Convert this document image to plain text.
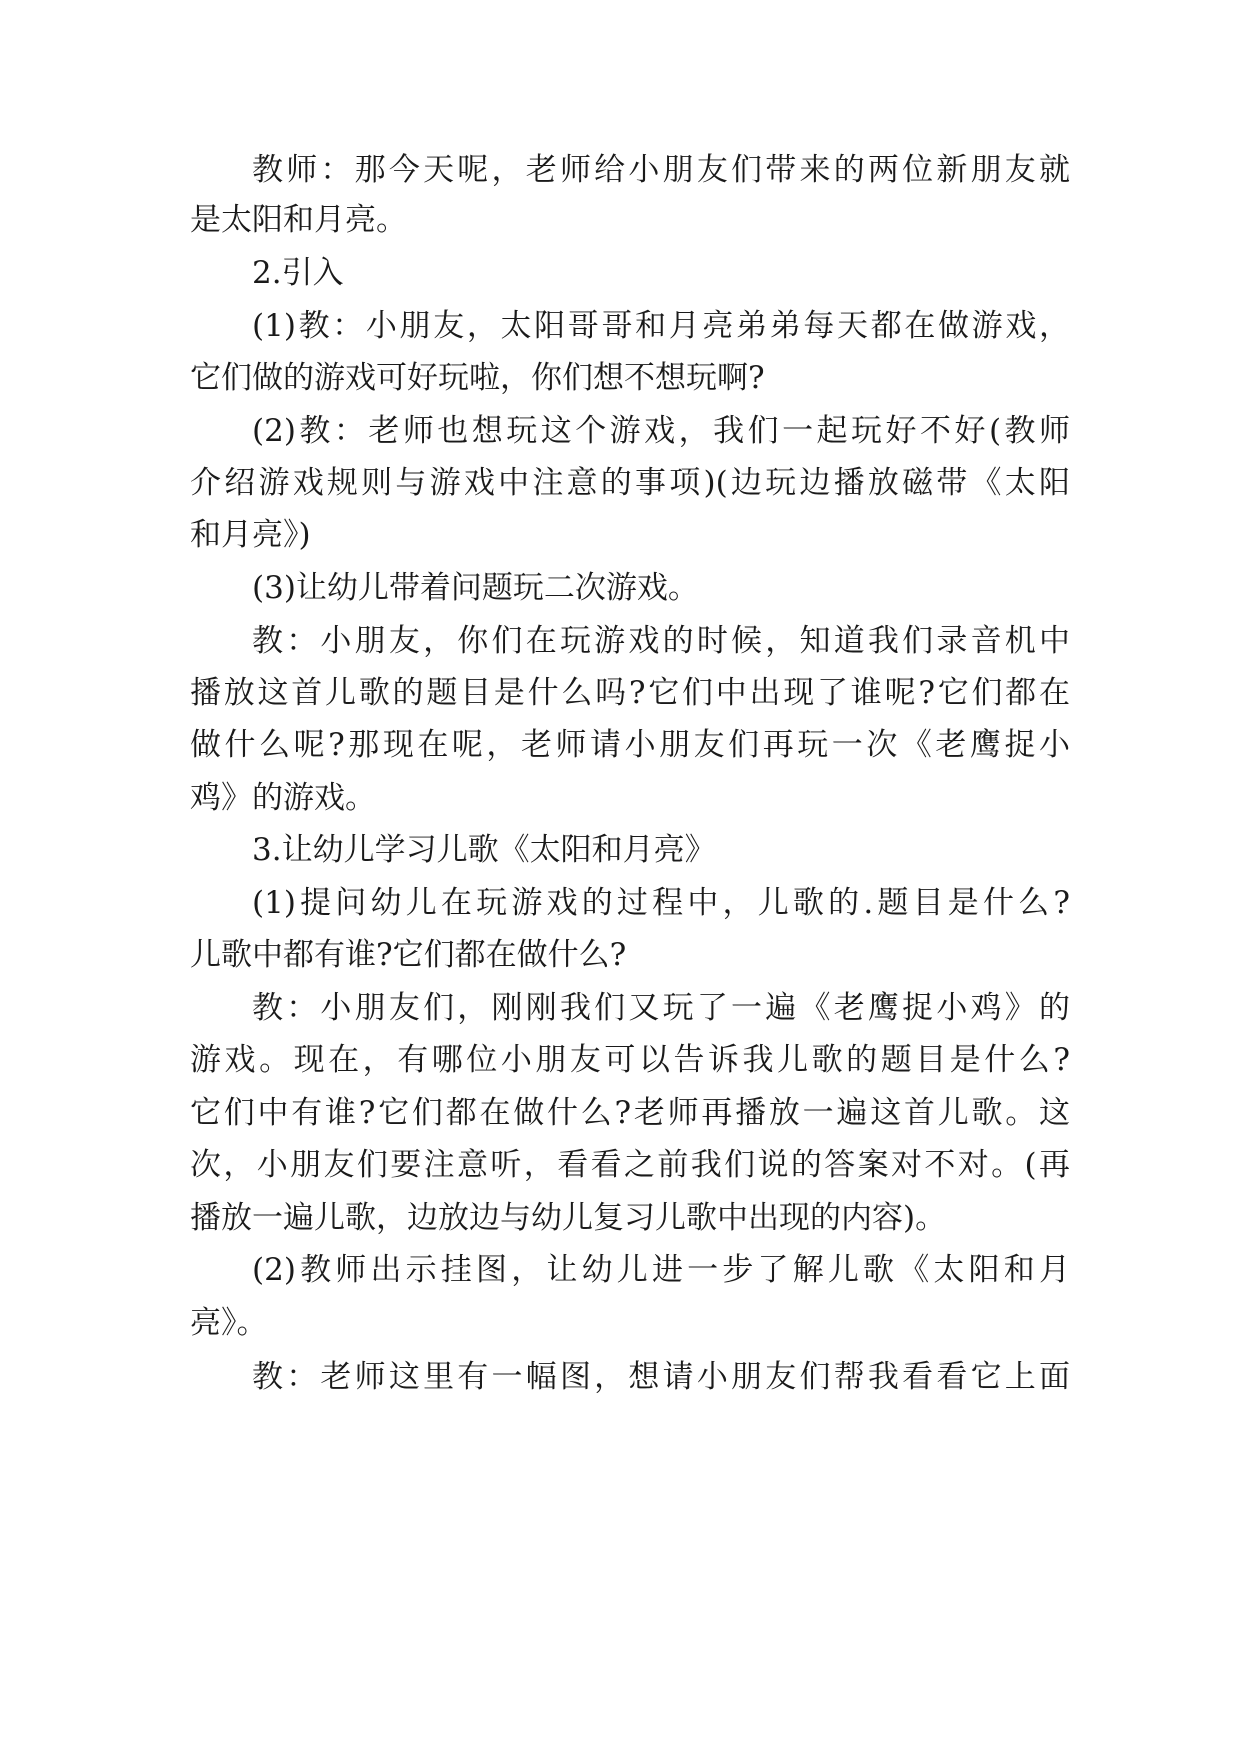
教师：那今天呢，老师给小朋友们带来的两位新朋友就
是太阳和月亮。
2.引入
(1)教：小朋友，太阳哥哥和月亮弟弟每天都在做游戏，
它们做的游戏可好玩啦，你们想不想玩啊?
(2)教：老师也想玩这个游戏，我们一起玩好不好(教师
介绍游戏规则与游戏中注意的事项)(边玩边播放磁带《太阳
和月亮》)
(3)让幼儿带着问题玩二次游戏。
教：小朋友，你们在玩游戏的时候，知道我们录音机中
播放这首儿歌的题目是什么吗?它们中出现了谁呢?它们都在
做什么呢?那现在呢，老师请小朋友们再玩一次《老鹰捉小
鸡》的游戏。
3.让幼儿学习儿歌《太阳和月亮》
(1)提问幼儿在玩游戏的过程中，儿歌的.题目是什么?
儿歌中都有谁?它们都在做什么?
教：小朋友们，刚刚我们又玩了一遍《老鹰捉小鸡》的
游戏。现在，有哪位小朋友可以告诉我儿歌的题目是什么?
它们中有谁?它们都在做什么?老师再播放一遍这首儿歌。这
次，小朋友们要注意听，看看之前我们说的答案对不对。(再
播放一遍儿歌，边放边与幼儿复习儿歌中出现的内容)。
(2)教师出示挂图，让幼儿进一步了解儿歌《太阳和月
亮》。
教：老师这里有一幅图，想请小朋友们帮我看看它上面
